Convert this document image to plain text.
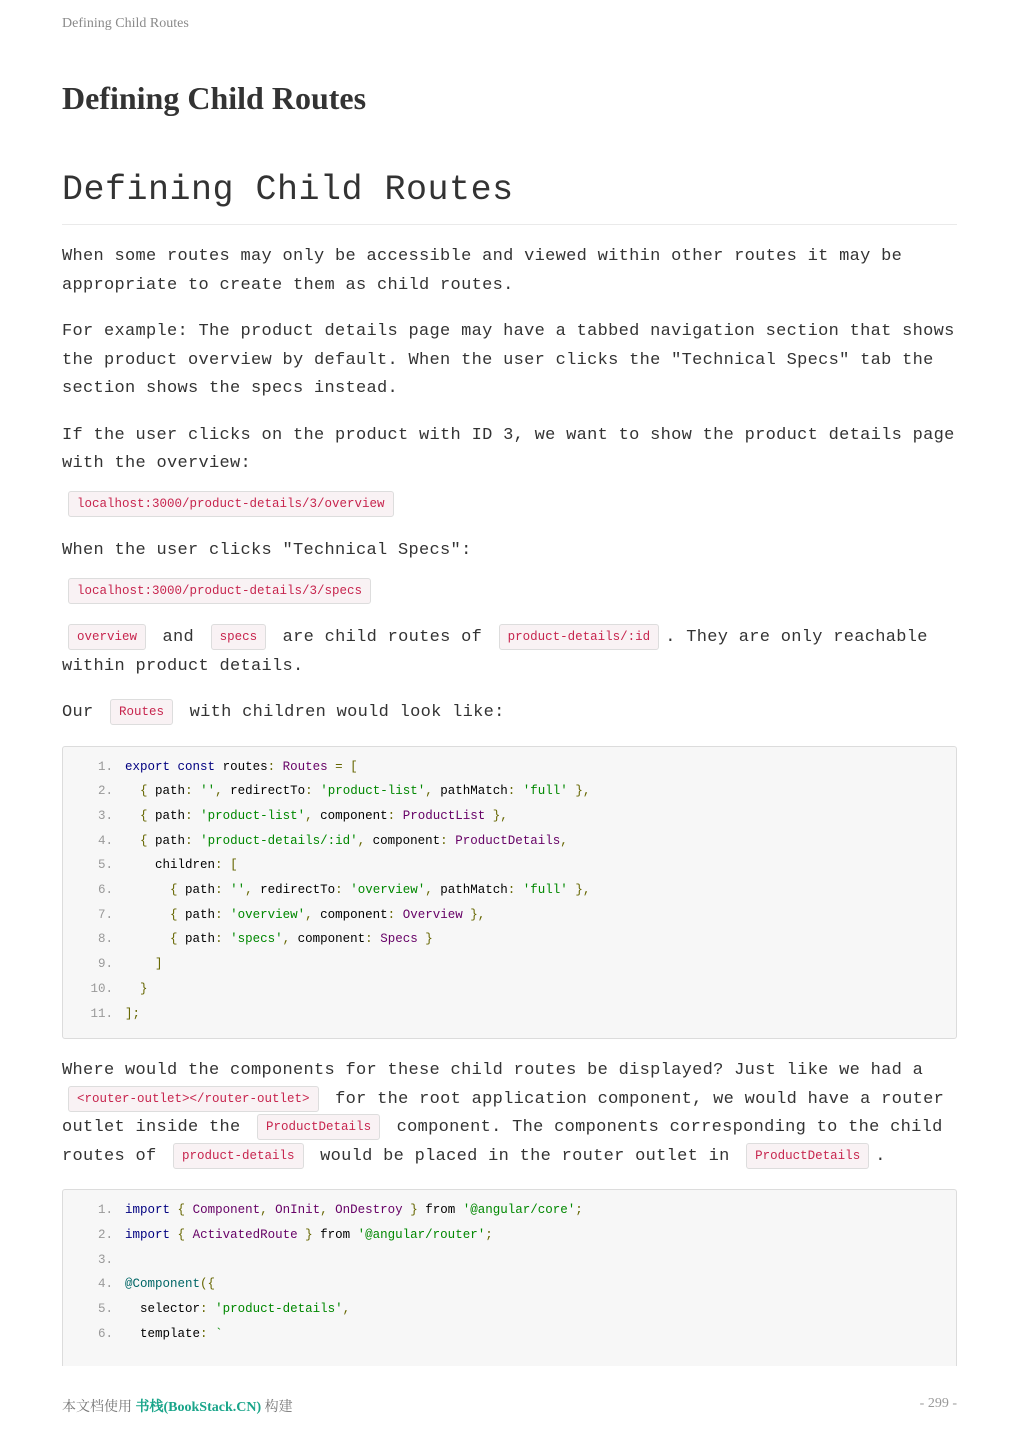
Defining Child Routes
Defining Child Routes
Defining Child Routes

When some routes may only be accessible and viewed within other routes it may be appropriate to create them as child routes.

For example: The product details page may have a tabbed navigation section that shows the product overview by default. When the user clicks the "Technical Specs" tab the section shows the specs instead.

If the user clicks on the product with ID 3, we want to show the product details page with the overview:

localhost:3000/product-details/3/overview

When the user clicks "Technical Specs":

localhost:3000/product-details/3/specs

overview and specs are child routes of product-details/:id . They are only reachable within product details.

Our Routes with children would look like:

1. export const routes: Routes = [
2.	{ path: '', redirectTo: 'product-list', pathMatch: 'full' },
3.	{ path: 'product-list', component: ProductList },
4.	{ path: 'product-details/:id', component: ProductDetails,
5.	children: [
6.	{ path: '', redirectTo: 'overview', pathMatch: 'full' },
7.	{ path: 'overview', component: Overview },
8.	{ path: 'specs', component: Specs }
9.	]
10.	}
11. ];

Where would the components for these child routes be displayed? Just like we had a <router-outlet></router-outlet> for the root application component, we would have a router outlet inside the ProductDetails component. The components corresponding to the child routes of product-details would be placed in the router outlet in ProductDetails .

1. import { Component, OnInit, OnDestroy } from '@angular/core';
2. import { ActivatedRoute } from '@angular/router';
3.
4. @Component({
5.	selector: 'product-details',
6.	template: `
本文档使用 书栈(BookStack.CN) 构建	- 299 -
